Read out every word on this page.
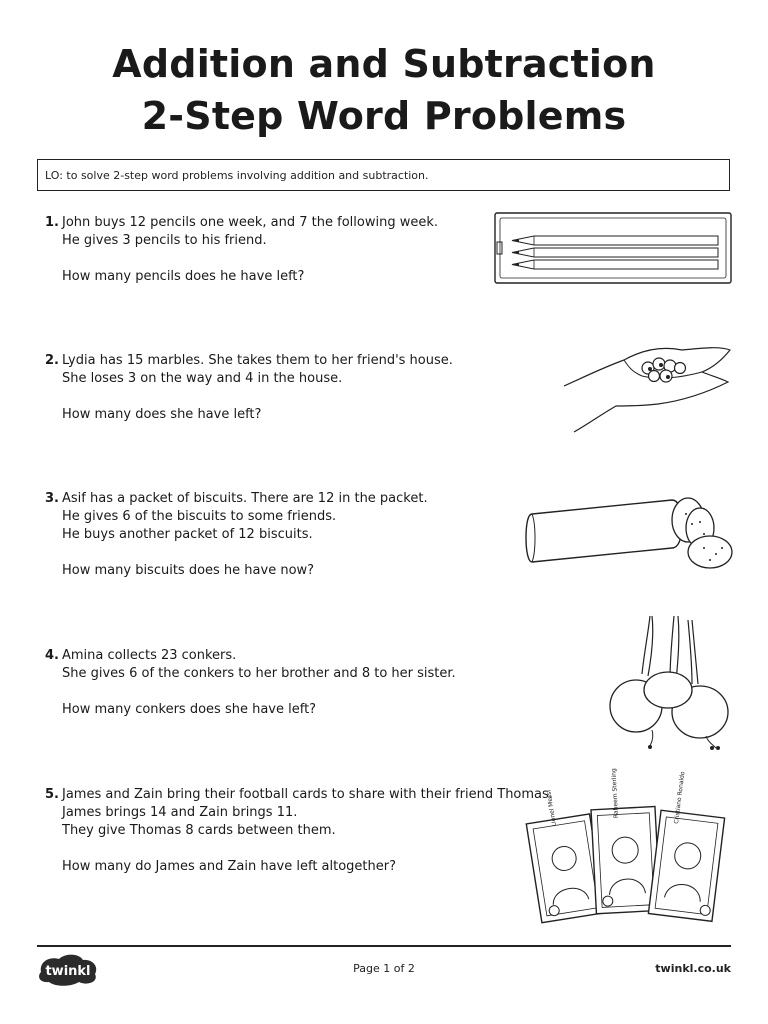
Addition and Subtraction
2-Step Word Problems
LO: to solve 2-step word problems involving addition and subtraction.
1. John buys 12 pencils one week, and 7 the following week.
He gives 3 pencils to his friend.
How many pencils does he have left?
2. Lydia has 15 marbles. She takes them to her friend's house.
She loses 3 on the way and 4 in the house.
How many does she have left?
3. Asif has a packet of biscuits. There are 12 in the packet.
He gives 6 of the biscuits to some friends.
He buys another packet of 12 biscuits.
How many biscuits does he have now?
4. Amina collects 23 conkers.
She gives 6 of the conkers to her brother and 8 to her sister.
How many conkers does she have left?
5. James and Zain bring their football cards to share with their friend Thomas.
James brings 14 and Zain brings 11.
They give Thomas 8 cards between them.
How many do James and Zain have left altogether?
Lionel Messi	Raheem Sterling	Cristiano Ronaldo
twinkl	Page 1 of 2	twinkl.co.uk
